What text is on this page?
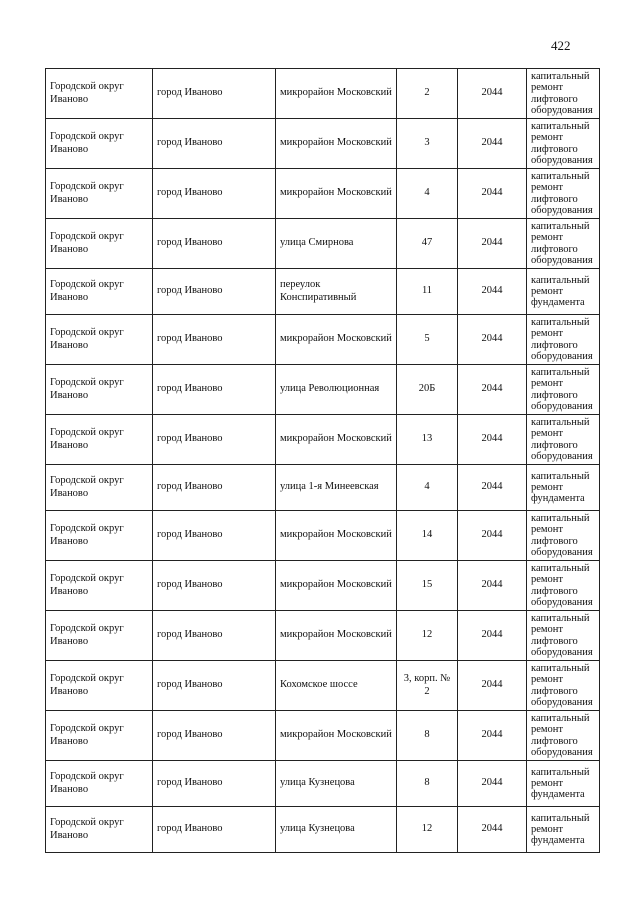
422
Городской округ Иваново	город Иваново	микрорайон Московский	2	2044	капитальный ремонт лифтового оборудования
Городской округ Иваново	город Иваново	микрорайон Московский	3	2044	капитальный ремонт лифтового оборудования
Городской округ Иваново	город Иваново	микрорайон Московский	4	2044	капитальный ремонт лифтового оборудования
Городской округ Иваново	город Иваново	улица Смирнова	47	2044	капитальный ремонт лифтового оборудования
Городской округ Иваново	город Иваново	переулок Конспиративный	11	2044	капитальный ремонт фундамента
Городской округ Иваново	город Иваново	микрорайон Московский	5	2044	капитальный ремонт лифтового оборудования
Городской округ Иваново	город Иваново	улица Революционная	20Б	2044	капитальный ремонт лифтового оборудования
Городской округ Иваново	город Иваново	микрорайон Московский	13	2044	капитальный ремонт лифтового оборудования
Городской округ Иваново	город Иваново	улица 1-я Минеевская	4	2044	капитальный ремонт фундамента
Городской округ Иваново	город Иваново	микрорайон Московский	14	2044	капитальный ремонт лифтового оборудования
Городской округ Иваново	город Иваново	микрорайон Московский	15	2044	капитальный ремонт лифтового оборудования
Городской округ Иваново	город Иваново	микрорайон Московский	12	2044	капитальный ремонт лифтового оборудования
Городской округ Иваново	город Иваново	Кохомское шоссе	3, корп. № 2	2044	капитальный ремонт лифтового оборудования
Городской округ Иваново	город Иваново	микрорайон Московский	8	2044	капитальный ремонт лифтового оборудования
Городской округ Иваново	город Иваново	улица Кузнецова	8	2044	капитальный ремонт фундамента
Городской округ Иваново	город Иваново	улица Кузнецова	12	2044	капитальный ремонт фундамента
